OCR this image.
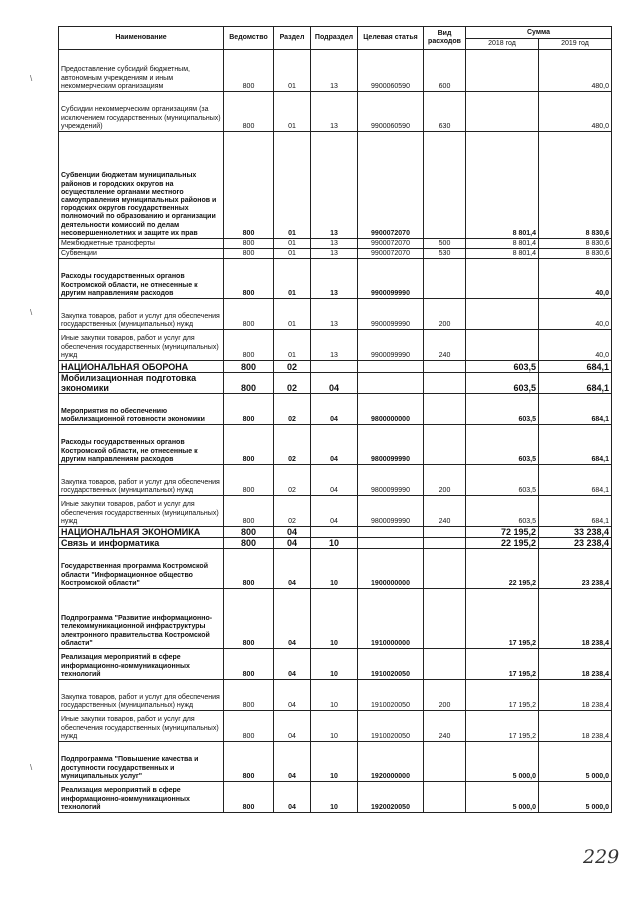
Наименование	Ведомство	Раздел	Подраздел	Целевая статья	Вид расходов	Сумма	
						2018 год	2019 год
Предоставление субсидий бюджетным, автономным учреждениям и иным некоммерческим организациям	800	01	13	9900060590	600		480,0
Субсидии некоммерческим организациям (за исключением государственных (муниципальных) учреждений)	800	01	13	9900060590	630		480,0
Субвенции бюджетам муниципальных районов и городских округов на осуществление органами местного самоуправления муниципальных районов и городских округов государственных полномочий по образованию и организации деятельности комиссий по делам несовершеннолетних и защите их прав	800	01	13	9900072070		8 801,4	8 830,6
Межбюджетные трансферты	800	01	13	9900072070	500	8 801,4	8 830,6
Субвенции	800	01	13	9900072070	530	8 801,4	8 830,6
Расходы государственных органов Костромской области, не отнесенные к другим направлениям расходов	800	01	13	9900099990			40,0
Закупка товаров, работ и услуг для обеспечения государственных (муниципальных) нужд	800	01	13	9900099990	200		40,0
Иные закупки товаров, работ и услуг для обеспечения государственных (муниципальных) нужд	800	01	13	9900099990	240		40,0
НАЦИОНАЛЬНАЯ ОБОРОНА	800	02				603,5	684,1
Мобилизационная подготовка экономики	800	02	04			603,5	684,1
Мероприятия по обеспечению мобилизационной готовности экономики	800	02	04	9800000000		603,5	684,1
Расходы государственных органов Костромской области, не отнесенные к другим направлениям расходов	800	02	04	9800099990		603,5	684,1
Закупка товаров, работ и услуг для обеспечения государственных (муниципальных) нужд	800	02	04	9800099990	200	603,5	684,1
Иные закупки товаров, работ и услуг для обеспечения государственных (муниципальных) нужд	800	02	04	9800099990	240	603,5	684,1
НАЦИОНАЛЬНАЯ ЭКОНОМИКА	800	04				72 195,2	33 238,4
Связь и информатика	800	04	10			22 195,2	23 238,4
Государственная программа Костромской области "Информационное общество Костромской области"	800	04	10	1900000000		22 195,2	23 238,4
Подпрограмма "Развитие информационно-телекоммуникационной инфраструктуры электронного правительства Костромской области"	800	04	10	1910000000		17 195,2	18 238,4
Реализация мероприятий в сфере информационно-коммуникационных технологий	800	04	10	1910020050		17 195,2	18 238,4
Закупка товаров, работ и услуг для обеспечения государственных (муниципальных) нужд	800	04	10	1910020050	200	17 195,2	18 238,4
Иные закупки товаров, работ и услуг для обеспечения государственных (муниципальных) нужд	800	04	10	1910020050	240	17 195,2	18 238,4
Подпрограмма "Повышение качества и доступности государственных и муниципальных услуг"	800	04	10	1920000000		5 000,0	5 000,0
Реализация мероприятий в сфере информационно-коммуникационных технологий	800	04	10	1920020050		5 000,0	5 000,0
\
\
\
229
